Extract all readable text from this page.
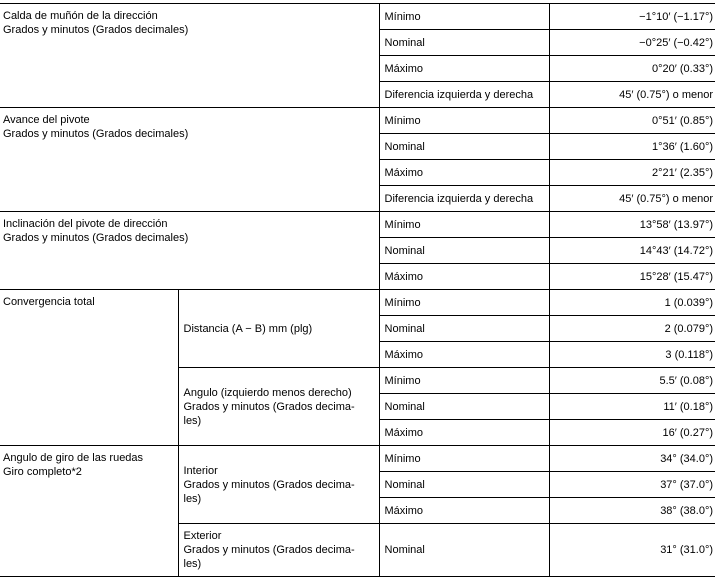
Calda de muñón de la dirección
Grados y minutos (Grados decimales)		Mínimo	−1°10′ (−1.17°)
		Nominal	−0°25′ (−0.42°)
		Máximo	0°20′ (0.33°)
		Diferencia izquierda y derecha	45′ (0.75°) o menor

Avance del pivote
Grados y minutos (Grados decimales)		Mínimo	0°51′ (0.85°)
		Nominal	1°36′ (1.60°)
		Máximo	2°21′ (2.35°)
		Diferencia izquierda y derecha	45′ (0.75°) o menor

Inclinación del pivote de dirección
Grados y minutos (Grados decimales)		Mínimo	13°58′ (13.97°)
		Nominal	14°43′ (14.72°)
		Máximo	15°28′ (15.47°)

Convergencia total	Distancia (A − B) mm (plg)	Mínimo	1 (0.039°)
		Nominal	2 (0.079°)
		Máximo	3 (0.118°)

	Angulo (izquierdo menos derecho)
Grados y minutos (Grados decima-
les)	Mínimo	5.5′ (0.08°)
		Nominal	11′ (0.18°)
		Máximo	16′ (0.27°)

Angulo de giro de las ruedas
Giro completo*2	Interior
Grados y minutos (Grados decima-
les)	Mínimo	34° (34.0°)
		Nominal	37° (37.0°)
		Máximo	38° (38.0°)

	Exterior
Grados y minutos (Grados decima-
les)	Nominal	31° (31.0°)
